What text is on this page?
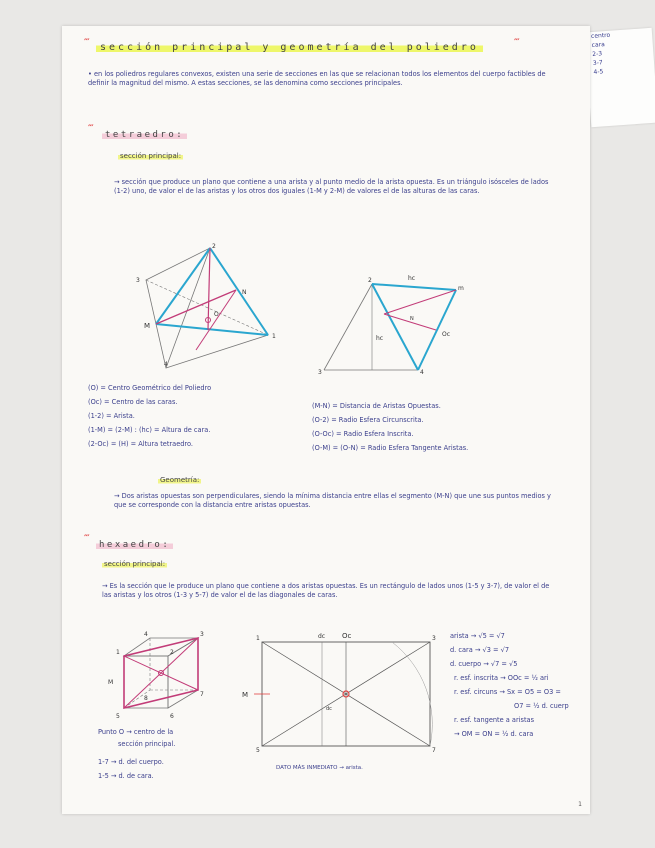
centro
cara
2-3
3-7
4-5
‴	sección principal y geometría del poliedro	‴
• en los poliedros regulares convexos, existen una serie de secciones en las que se relacionan todos los elementos del cuerpo factibles de definir la magnitud del mismo. A estas secciones, se las denomina como secciones principales.
‴
tetraedro:
sección principal:
→ sección que produce un plano que contiene a una arista y al punto medio de la arista opuesta. Es un triángulo isósceles de lados (1-2) uno, de valor el de las aristas y los otros dos iguales (1-M y 2-M) de valores el de las alturas de las caras.
2
3
M
N
O
1
4
2	hc
m
Oc
hc
N
3	4
(O) = Centro Geométrico del Poliedro
(Oc) = Centro de las caras.
(1-2) = Arista.
(1-M) = (2-M) : (hc) = Altura de cara.
(2-Oc) = (H) = Altura tetraedro.
(M-N) = Distancia de Aristas Opuestas.
(O-2) = Radio Esfera Circunscrita.
(O-Oc) = Radio Esfera Inscrita.
(O-M) = (O-N) = Radio Esfera Tangente Aristas.
Geometría:
→ Dos aristas opuestas son perpendiculares, siendo la mínima distancia entre ellas el segmento (M-N) que une sus puntos medios y que se corresponde con la distancia entre aristas opuestas.
‴
hexaedro:
sección principal:
→ Es la sección que le produce un plano que contiene a dos aristas opuestas. Es un rectángulo de lados unos (1-5 y 3-7), de valor el de las aristas y los otros (1-3 y 5-7) de valor el de las diagonales de caras.
1	2
3
4
M
5	6
7
8
1	dc Oc	3
M
dc
5	7
Punto O → centro de la
sección principal.
1-7 → d. del cuerpo.
1-5 → d. de cara.
DATO MÁS INMEDIATO → arista.
arista → √5 = √7
d. cara → √3 = √7
d. cuerpo → √7 = √5
r. esf. inscrita → OOc = ½ ari
r. esf. circuns → Sx = O5 = O3 =
O7 = ½ d. cuerp
r. esf. tangente a aristas
→ OM = ON = ½ d. cara
1
